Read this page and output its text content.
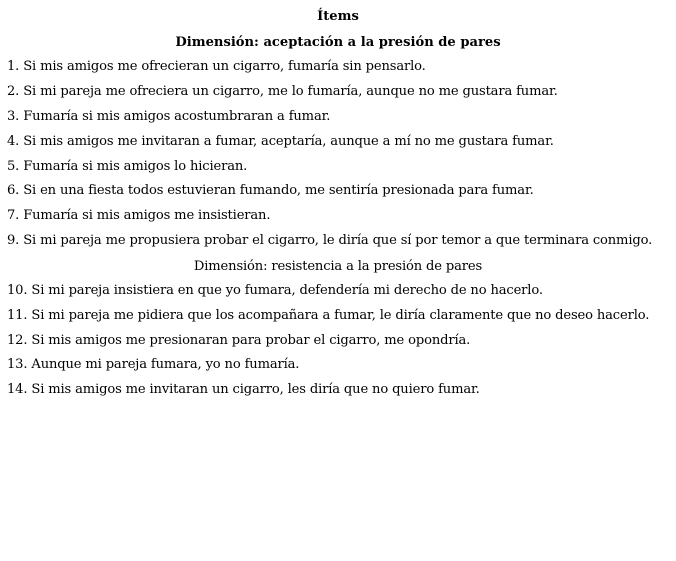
Ítems
Dimensión: aceptación a la presión de pares
1. Si mis amigos me ofrecieran un cigarro, fumaría sin pensarlo.
2. Si mi pareja me ofreciera un cigarro, me lo fumaría, aunque no me gustara fumar.
3. Fumaría si mis amigos acostumbraran a fumar.
4. Si mis amigos me invitaran a fumar, aceptaría, aunque a mí no me gustara fumar.
5. Fumaría si mis amigos lo hicieran.
6. Si en una fiesta todos estuvieran fumando, me sentiría presionada para fumar.
7. Fumaría si mis amigos me insistieran.
9. Si mi pareja me propusiera probar el cigarro, le diría que sí por temor a que terminara conmigo.
Dimensión: resistencia a la presión de pares
10. Si mi pareja insistiera en que yo fumara, defendería mi derecho de no hacerlo.
11. Si mi pareja me pidiera que los acompañara a fumar, le diría claramente que no deseo hacerlo.
12. Si mis amigos me presionaran para probar el cigarro, me opondría.
13. Aunque mi pareja fumara, yo no fumaría.
14. Si mis amigos me invitaran un cigarro, les diría que no quiero fumar.
